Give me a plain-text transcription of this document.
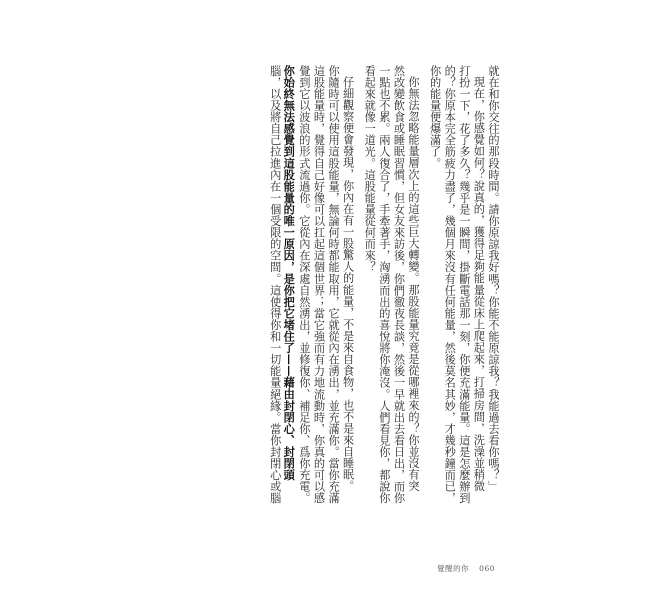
就在和你交往的那段時間。請你原諒我好嗎？你能不能原諒我？我能過去看你嗎？」
現在，你感覺如何？說真的，獲得足夠能量從床上爬起來，打掃房間，洗澡並稍微
打扮一下，花了多久？幾乎是一瞬間，掛斷電話那一刻，你便充滿能量。這是怎麼辦到
的？你原本完全筋疲力盡了，幾個月來沒有任何能量，然後莫名其妙，才幾秒鐘而已，
你的能量便爆滿了。
你無法忽略能量層次上的這些巨大轉變。那股能量究竟是從哪裡來的？你並沒有突
然改變飲食或睡眠習慣，但女友來訪後，你們徹夜長談，然後一早就出去看日出，而你
一點也不累。兩人復合了，手牽著手，洶湧而出的喜悅將你淹沒。人們看見你，都說你
看起來就像一道光。這股能量從何而來？
仔細觀察便會發現，你內在有一股驚人的能量，不是來自食物，也不是來自睡眠。
你隨時可以使用這股能量，無論何時都能取用，它就從內在湧出，並充滿你。當你充滿
這股能量時，覺得自己好像可以扛起這個世界；當它強而有力地流動時，你真的可以感
覺到它以波浪的形式流過你。它從內在深處自然湧出，並修復你、補足你、爲你充電。
你始終無法感覺到這股能量的唯一原因，是你把它堵住了——藉由封閉心、封閉頭
腦，以及將自己拉進內在一個受限的空間。這使得你和一切能量絕緣。當你封閉心或腦
覺醒的你 060
